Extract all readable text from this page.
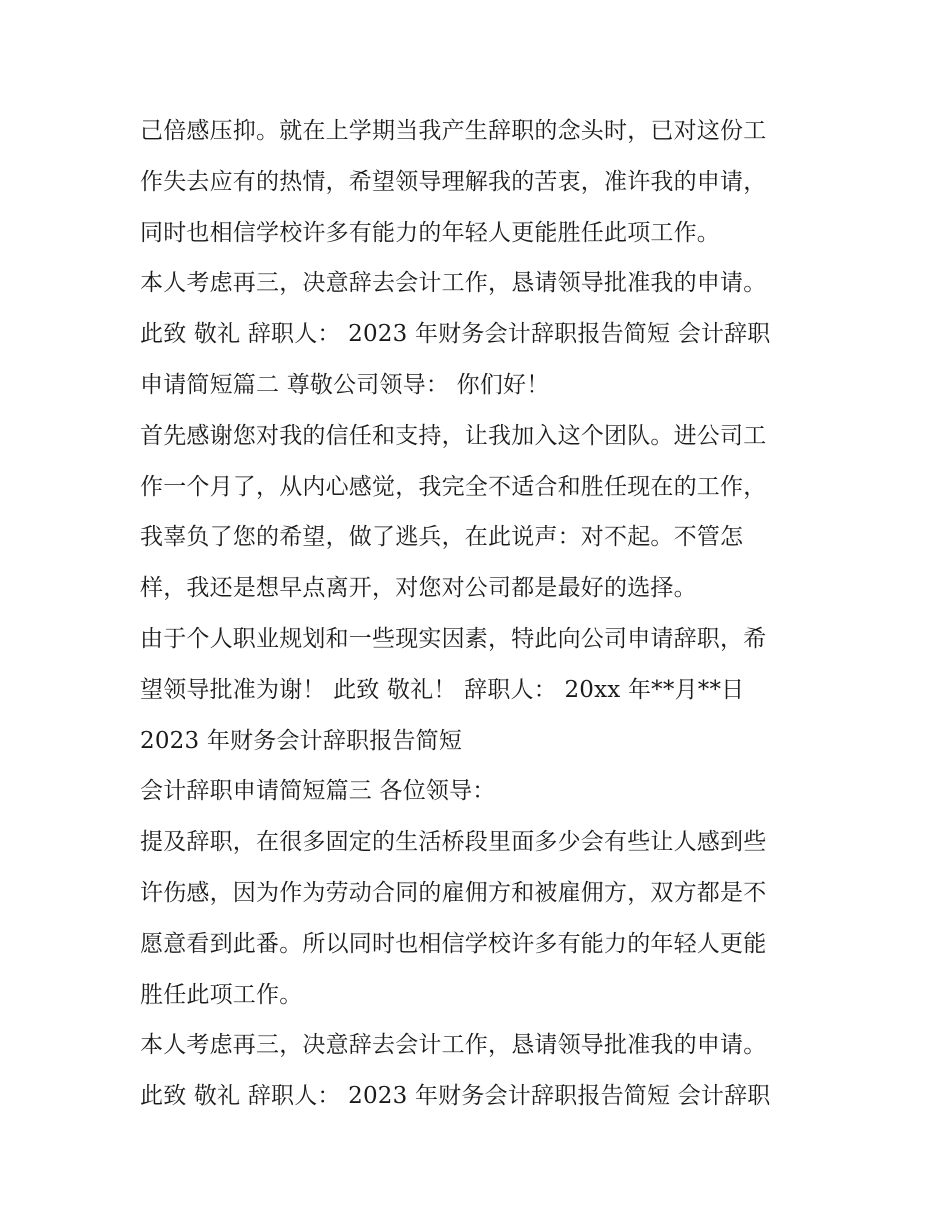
己倍感压抑。就在上学期当我产生辞职的念头时，已对这份工
作失去应有的热情，希望领导理解我的苦衷，准许我的申请，
同时也相信学校许多有能力的年轻人更能胜任此项工作。
本人考虑再三，决意辞去会计工作，恳请领导批准我的申请。
此致 敬礼 辞职人： 2023 年财务会计辞职报告简短 会计辞职
申请简短篇二 尊敬公司领导： 你们好！
首先感谢您对我的信任和支持，让我加入这个团队。进公司工
作一个月了，从内心感觉，我完全不适合和胜任现在的工作，
我辜负了您的希望，做了逃兵，在此说声：对不起。不管怎
样，我还是想早点离开，对您对公司都是最好的选择。
由于个人职业规划和一些现实因素，特此向公司申请辞职，希
望领导批准为谢！ 此致 敬礼！ 辞职人： 20xx 年**月**日
2023 年财务会计辞职报告简短
会计辞职申请简短篇三 各位领导：
提及辞职，在很多固定的生活桥段里面多少会有些让人感到些
许伤感，因为作为劳动合同的雇佣方和被雇佣方，双方都是不
愿意看到此番。所以同时也相信学校许多有能力的年轻人更能
胜任此项工作。
本人考虑再三，决意辞去会计工作，恳请领导批准我的申请。
此致 敬礼 辞职人： 2023 年财务会计辞职报告简短 会计辞职
